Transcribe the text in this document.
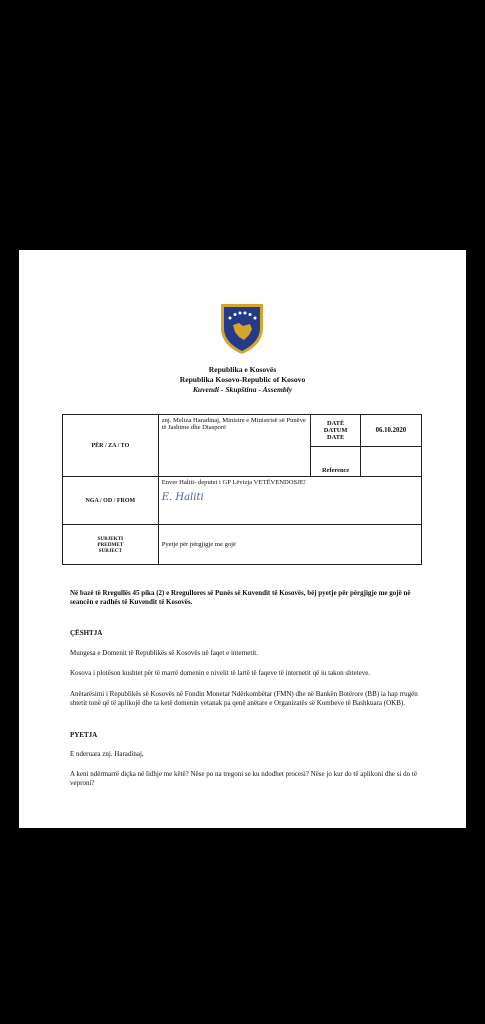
Republika e Kosovës
Republika Kosovo-Republic of Kosovo
Kuvendi - Skupština - Assembly
PËR / ZA / TO	znj. Meliza Haradinaj, Ministre e Ministrisë së Punëve të Jashtme dhe Diasporë	DATË
DATUM
DATE	06.10.2020
		Reference	
NGA / OD / FROM	Enver Haliti- deputet i GP Lëvizja VETËVENDOSJE!
E. Haliti		

SUBJEKTI
PREDMET
SUBJECT	Pyetje për përgjigje me gojë		
Në bazë të Rregullës 45 pika (2) e Rregullores së Punës së Kuvendit të Kosovës, bëj pyetje për përgjigje me gojë në seancën e radhës të Kuvendit të Kosovës.
ÇËSHTJA
Mungesa e Domenit të Republikës së Kosovës në faqet e internetit.
Kosova i plotëson kushtet për të marrë domenin e nivelit të lartë të faqeve të internetit që iu takon shteteve.
Anëtarësimi i Republikës së Kosovës në Fondin Monetar Ndërkombëtar (FMN) dhe në Bankën Botërore (BB) ia hap rrugën shtetit tonë që të aplikojë dhe ta ketë domenin vetanak pa qenë anëtare e Organizatës së Kombeve të Bashkuara (OKB).
PYETJA
E nderuara znj. Haradinaj,
A keni ndërmarrë diçka në lidhje me këtë? Nëse po na tregoni se ku ndodhet procesi? Nëse jo kur do të aplikoni dhe si do të veproni?
